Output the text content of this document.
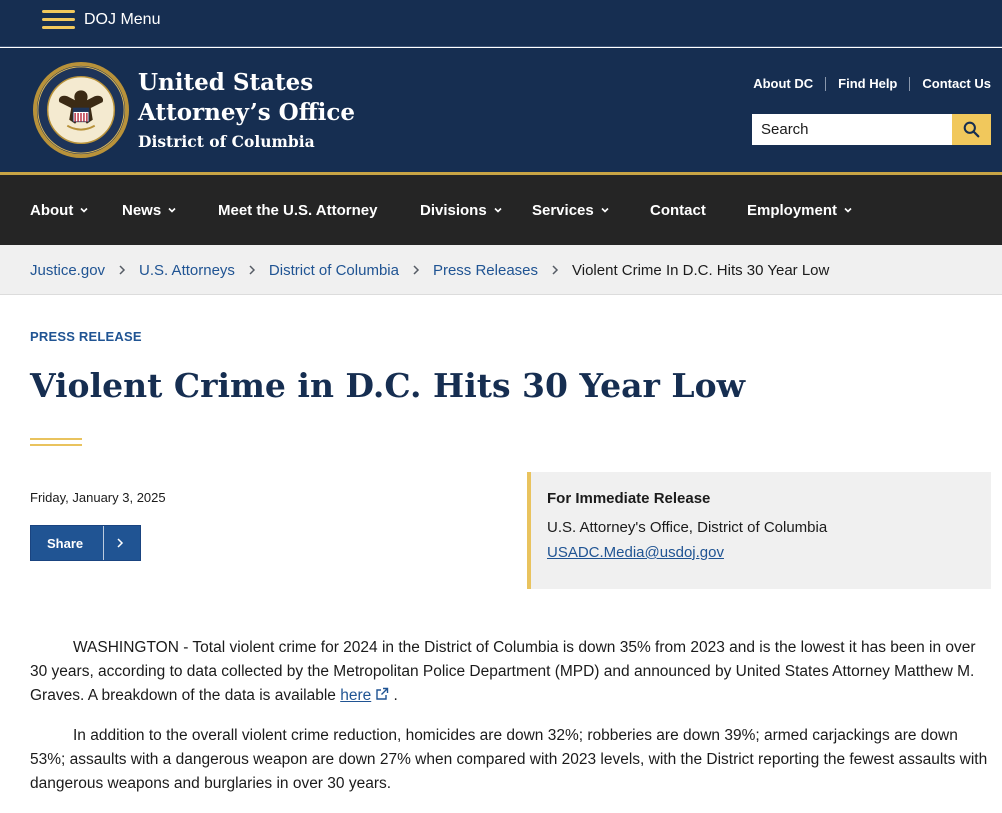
DOJ Menu
United States
Attorney’s Office
District of Columbia
About DC	Find Help	Contact Us
Search
About	News	Meet the U.S. Attorney	Divisions	Services	Contact	Employment
Justice.gov U.S. Attorneys District of Columbia Press Releases Violent Crime In D.C. Hits 30 Year Low
PRESS RELEASE
Violent Crime in D.C. Hits 30 Year Low
Friday, January 3, 2025
Share
For Immediate Release
U.S. Attorney's Office, District of Columbia
USADC.Media@usdoj.gov

WASHINGTON - Total violent crime for 2024 in the District of Columbia is down 35% from 2023 and is the lowest it has been in over 30 years, according to data collected by the Metropolitan Police Department (MPD) and announced by United States Attorney Matthew M. Graves. A breakdown of the data is available here .

In addition to the overall violent crime reduction, homicides are down 32%; robberies are down 39%; armed carjackings are down 53%; assaults with a dangerous weapon are down 27% when compared with 2023 levels, with the District reporting the fewest assaults with dangerous weapons and burglaries in over 30 years.
